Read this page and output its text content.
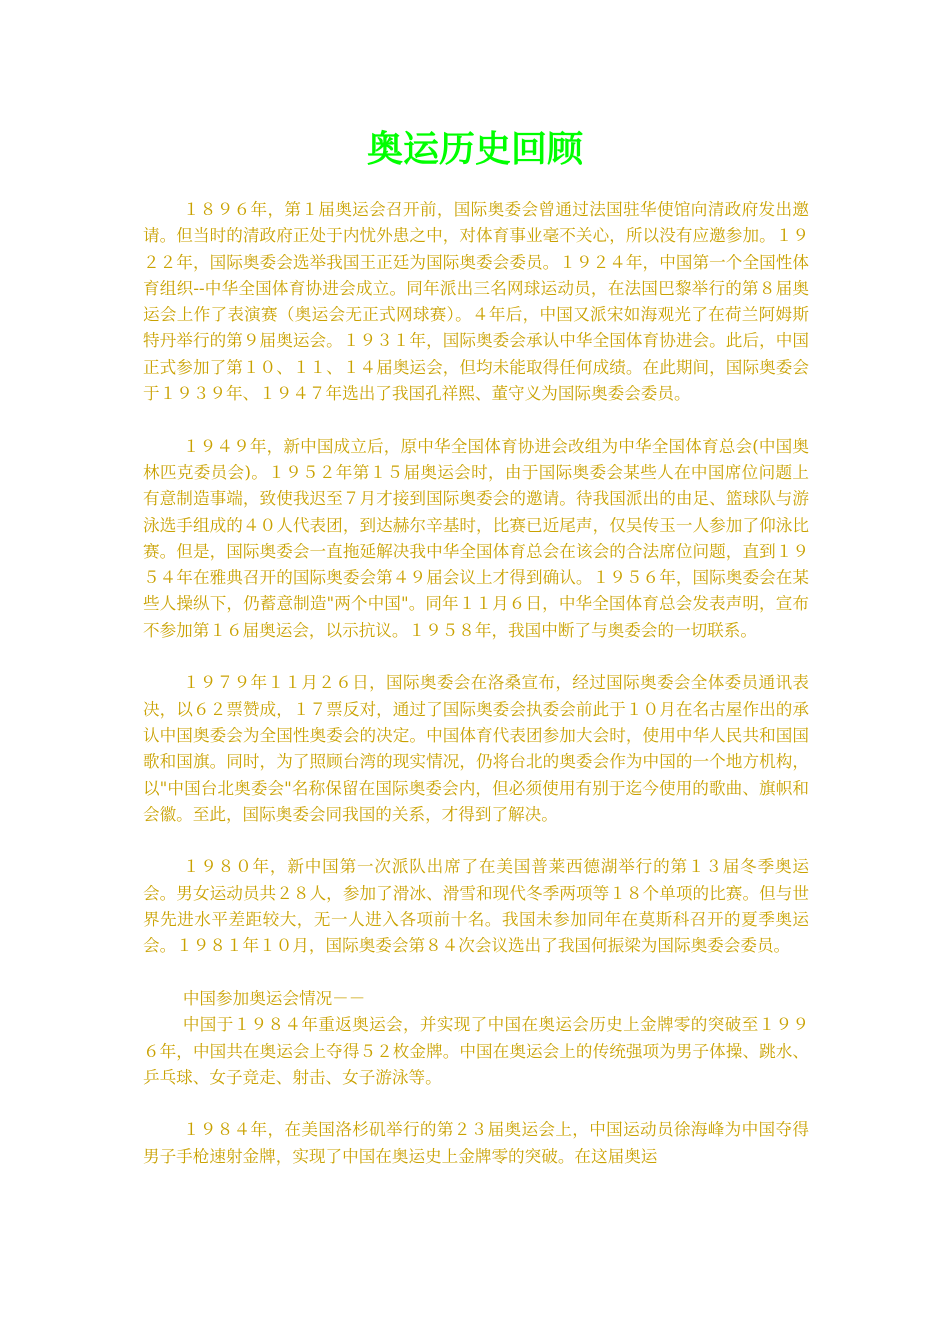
奥运历史回顾

１８９６年，第１届奥运会召开前，国际奥委会曾通过法国驻华使馆向清政府发出邀请。但当时的清政府正处于内忧外患之中，对体育事业毫不关心，所以没有应邀参加。１９２２年，国际奥委会选举我国王正廷为国际奥委会委员。１９２４年，中国第一个全国性体育组织--中华全国体育协进会成立。同年派出三名网球运动员，在法国巴黎举行的第８届奥运会上作了表演赛（奥运会无正式网球赛）。４年后，中国又派宋如海观光了在荷兰阿姆斯特丹举行的第９届奥运会。１９３１年，国际奥委会承认中华全国体育协进会。此后，中国正式参加了第１０、１１、１４届奥运会，但均未能取得任何成绩。在此期间，国际奥委会于１９３９年、１９４７年选出了我国孔祥熙、董守义为国际奥委会委员。

１９４９年，新中国成立后，原中华全国体育协进会改组为中华全国体育总会(中国奥林匹克委员会)。１９５２年第１５届奥运会时，由于国际奥委会某些人在中国席位问题上有意制造事端，致使我迟至７月才接到国际奥委会的邀请。待我国派出的由足、篮球队与游泳选手组成的４０人代表团，到达赫尔辛基时，比赛已近尾声，仅吴传玉一人参加了仰泳比赛。但是，国际奥委会一直拖延解决我中华全国体育总会在该会的合法席位问题，直到１９５４年在雅典召开的国际奥委会第４９届会议上才得到确认。１９５６年，国际奥委会在某些人操纵下，仍蓄意制造"两个中国"。同年１１月６日，中华全国体育总会发表声明，宣布不参加第１６届奥运会，以示抗议。１９５８年，我国中断了与奥委会的一切联系。

１９７９年１１月２６日，国际奥委会在洛桑宣布，经过国际奥委会全体委员通讯表决，以６２票赞成，１７票反对，通过了国际奥委会执委会前此于１０月在名古屋作出的承认中国奥委会为全国性奥委会的决定。中国体育代表团参加大会时，使用中华人民共和国国歌和国旗。同时，为了照顾台湾的现实情况，仍将台北的奥委会作为中国的一个地方机构，以"中国台北奥委会"名称保留在国际奥委会内，但必须使用有别于迄今使用的歌曲、旗帜和会徽。至此，国际奥委会同我国的关系，才得到了解决。

１９８０年，新中国第一次派队出席了在美国普莱西德湖举行的第１３届冬季奥运会。男女运动员共２８人，参加了滑冰、滑雪和现代冬季两项等１８个单项的比赛。但与世界先进水平差距较大，无一人进入各项前十名。我国未参加同年在莫斯科召开的夏季奥运会。１９８１年１０月，国际奥委会第８４次会议选出了我国何振梁为国际奥委会委员。

中国参加奥运会情况－－

中国于１９８４年重返奥运会，并实现了中国在奥运会历史上金牌零的突破至１９９６年，中国共在奥运会上夺得５２枚金牌。中国在奥运会上的传统强项为男子体操、跳水、乒乓球、女子竞走、射击、女子游泳等。

１９８４年，在美国洛杉矶举行的第２３届奥运会上，中国运动员徐海峰为中国夺得男子手枪速射金牌，实现了中国在奥运史上金牌零的突破。在这届奥运
